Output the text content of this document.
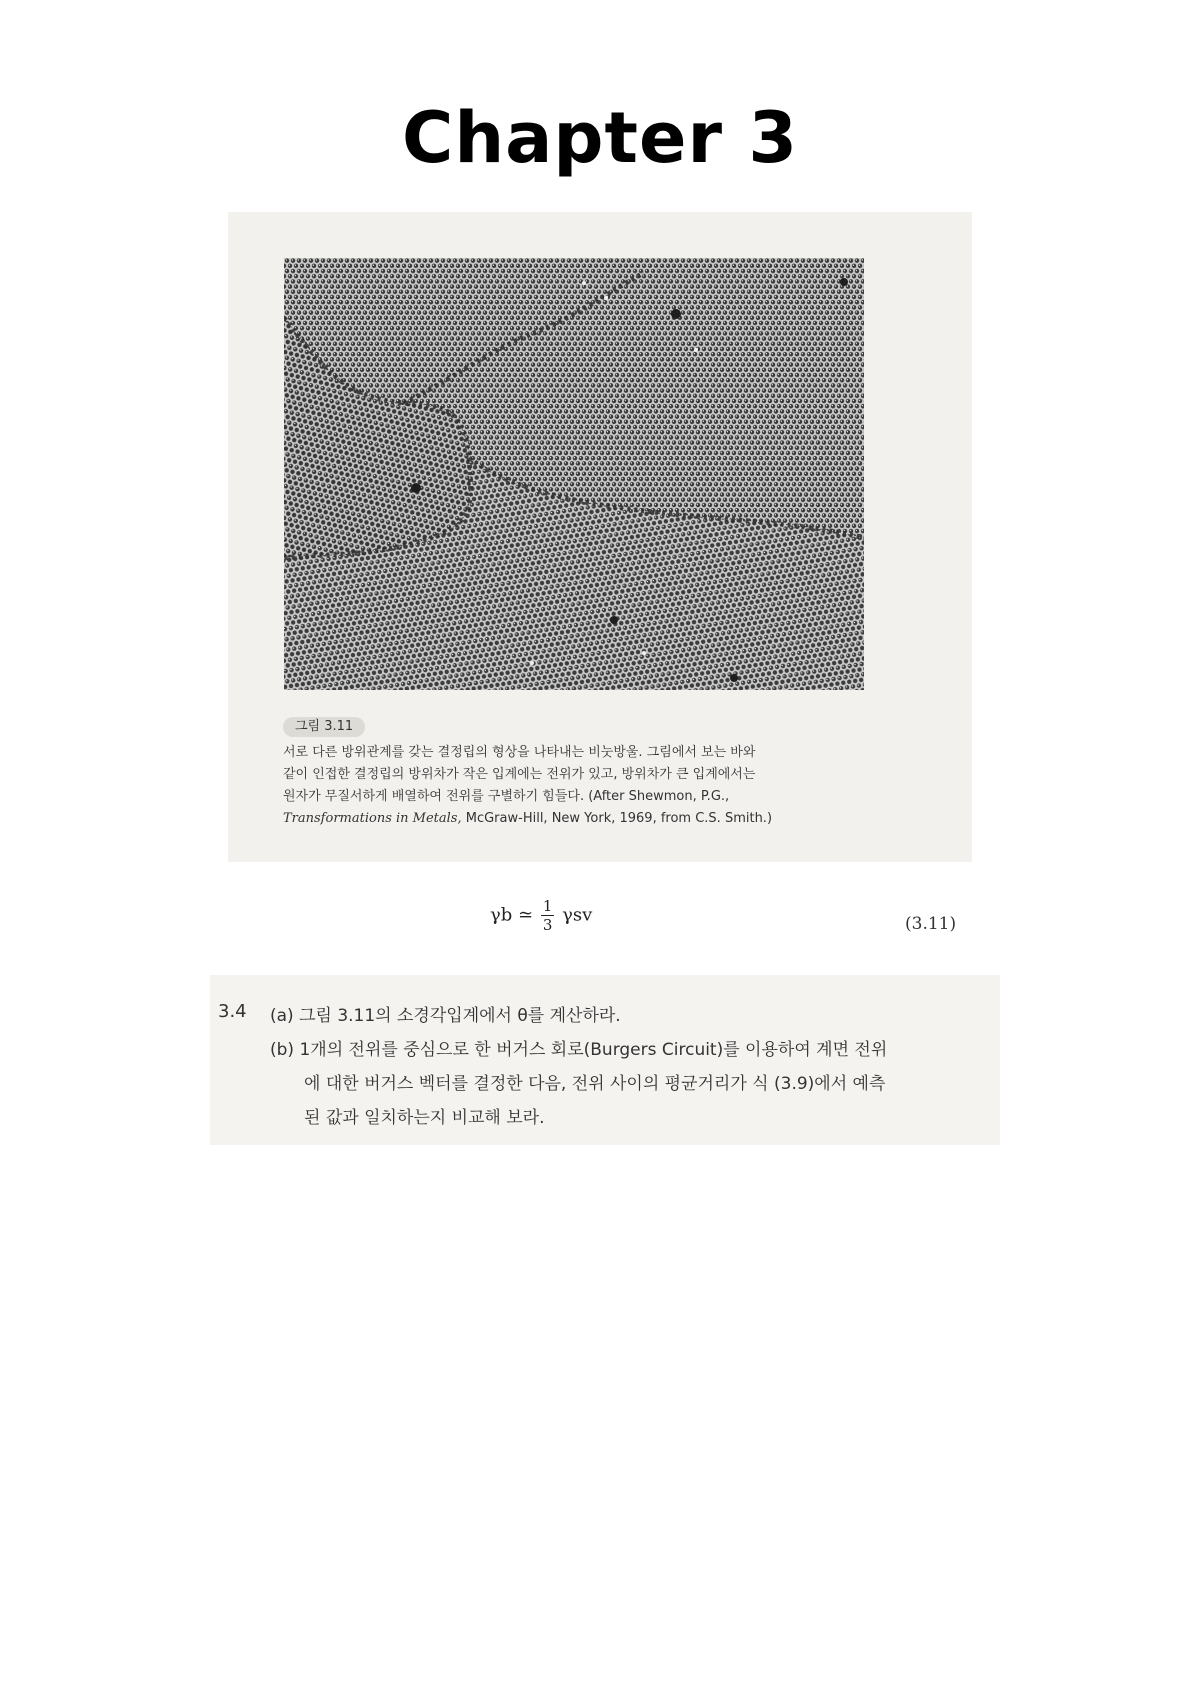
Chapter 3
그림 3.11

서로 다른 방위관계를 갖는 결정립의 형상을 나타내는 비눗방울. 그림에서 보는 바와
같이 인접한 결정립의 방위차가 작은 입계에는 전위가 있고, 방위차가 큰 입계에서는
원자가 무질서하게 배열하여 전위를 구별하기 힘들다. (After Shewmon, P.G.,
Transformations in Metals, McGraw-Hill, New York, 1969, from C.S. Smith.)

γb ≃ $\frac{1}{3}$ γsv	(3.11)
3.4 (a) 그림 3.11의 소경각입계에서 θ를 계산하라.
(b) 1개의 전위를 중심으로 한 버거스 회로(Burgers Circuit)를 이용하여 계면 전위
에 대한 버거스 벡터를 결정한 다음, 전위 사이의 평균거리가 식 (3.9)에서 예측
된 값과 일치하는지 비교해 보라.
